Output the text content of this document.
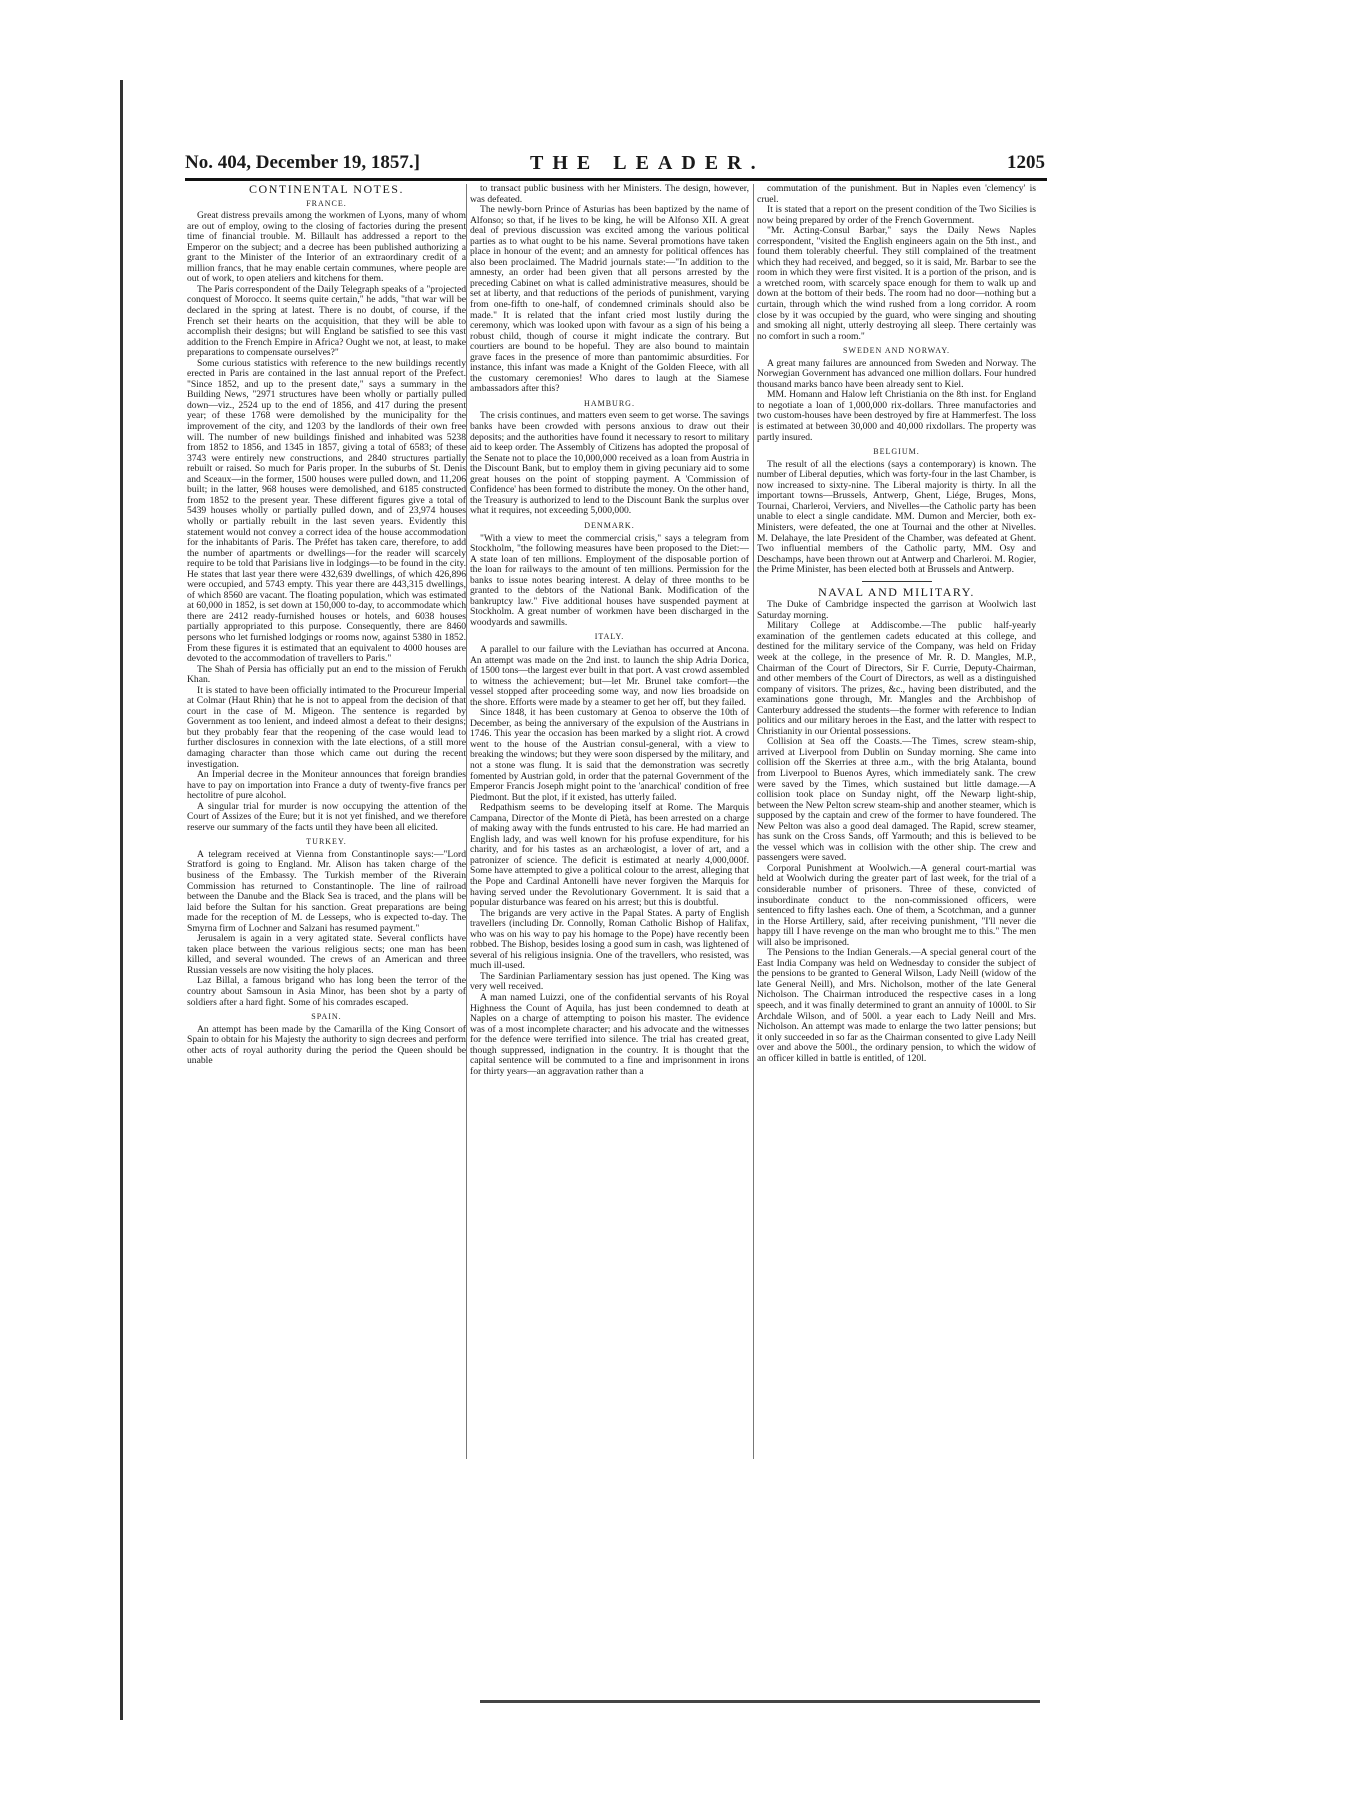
No. 404, December 19, 1857.]	THE LEADER.	1205
CONTINENTAL NOTES.
FRANCE.

Great distress prevails among the workmen of Lyons, many of whom are out of employ, owing to the closing of factories during the present time of financial trouble. M. Billault has addressed a report to the Emperor on the subject; and a decree has been published authorizing a grant to the Minister of the Interior of an extraordinary credit of a million francs, that he may enable certain communes, where people are out of work, to open ateliers and kitchens for them.

The Paris correspondent of the Daily Telegraph speaks of a "projected conquest of Morocco. It seems quite certain," he adds, "that war will be declared in the spring at latest. There is no doubt, of course, if the French set their hearts on the acquisition, that they will be able to accomplish their designs; but will England be satisfied to see this vast addition to the French Empire in Africa? Ought we not, at least, to make preparations to compensate ourselves?"

Some curious statistics with reference to the new buildings recently erected in Paris are contained in the last annual report of the Prefect. "Since 1852, and up to the present date," says a summary in the Building News, "2971 structures have been wholly or partially pulled down—viz., 2524 up to the end of 1856, and 417 during the present year; of these 1768 were demolished by the municipality for the improvement of the city, and 1203 by the landlords of their own free will. The number of new buildings finished and inhabited was 5238 from 1852 to 1856, and 1345 in 1857, giving a total of 6583; of these 3743 were entirely new constructions, and 2840 structures partially rebuilt or raised. So much for Paris proper. In the suburbs of St. Denis and Sceaux—in the former, 1500 houses were pulled down, and 11,206 built; in the latter, 968 houses were demolished, and 6185 constructed from 1852 to the present year. These different figures give a total of 5439 houses wholly or partially pulled down, and of 23,974 houses wholly or partially rebuilt in the last seven years. Evidently this statement would not convey a correct idea of the house accommodation for the inhabitants of Paris. The Préfet has taken care, therefore, to add the number of apartments or dwellings—for the reader will scarcely require to be told that Parisians live in lodgings—to be found in the city. He states that last year there were 432,639 dwellings, of which 426,896 were occupied, and 5743 empty. This year there are 443,315 dwellings, of which 8560 are vacant. The floating population, which was estimated at 60,000 in 1852, is set down at 150,000 to-day, to accommodate which there are 2412 ready-furnished houses or hotels, and 6038 houses partially appropriated to this purpose. Consequently, there are 8460 persons who let furnished lodgings or rooms now, against 5380 in 1852. From these figures it is estimated that an equivalent to 4000 houses are devoted to the accommodation of travellers to Paris."

The Shah of Persia has officially put an end to the mission of Ferukh Khan.

It is stated to have been officially intimated to the Procureur Imperial at Colmar (Haut Rhin) that he is not to appeal from the decision of that court in the case of M. Migeon. The sentence is regarded by Government as too lenient, and indeed almost a defeat to their designs; but they probably fear that the reopening of the case would lead to further disclosures in connexion with the late elections, of a still more damaging character than those which came out during the recent investigation.

An Imperial decree in the Moniteur announces that foreign brandies have to pay on importation into France a duty of twenty-five francs per hectolitre of pure alcohol.

A singular trial for murder is now occupying the attention of the Court of Assizes of the Eure; but it is not yet finished, and we therefore reserve our summary of the facts until they have been all elicited.

TURKEY.

A telegram received at Vienna from Constantinople says:—"Lord Stratford is going to England. Mr. Alison has taken charge of the business of the Embassy. The Turkish member of the Riverain Commission has returned to Constantinople. The line of railroad between the Danube and the Black Sea is traced, and the plans will be laid before the Sultan for his sanction. Great preparations are being made for the reception of M. de Lesseps, who is expected to-day. The Smyrna firm of Lochner and Salzani has resumed payment."

Jerusalem is again in a very agitated state. Several conflicts have taken place between the various religious sects; one man has been killed, and several wounded. The crews of an American and three Russian vessels are now visiting the holy places.

Laz Billal, a famous brigand who has long been the terror of the country about Samsoun in Asia Minor, has been shot by a party of soldiers after a hard fight. Some of his comrades escaped.

SPAIN.

An attempt has been made by the Camarilla of the King Consort of Spain to obtain for his Majesty the authority to sign decrees and perform other acts of royal authority during the period the Queen should be unable

to transact public business with her Ministers. The design, however, was defeated.

The newly-born Prince of Asturias has been baptized by the name of Alfonso; so that, if he lives to be king, he will be Alfonso XII. A great deal of previous discussion was excited among the various political parties as to what ought to be his name. Several promotions have taken place in honour of the event; and an amnesty for political offences has also been proclaimed. The Madrid journals state:—"In addition to the amnesty, an order had been given that all persons arrested by the preceding Cabinet on what is called administrative measures, should be set at liberty, and that reductions of the periods of punishment, varying from one-fifth to one-half, of condemned criminals should also be made." It is related that the infant cried most lustily during the ceremony, which was looked upon with favour as a sign of his being a robust child, though of course it might indicate the contrary. But courtiers are bound to be hopeful. They are also bound to maintain grave faces in the presence of more than pantomimic absurdities. For instance, this infant was made a Knight of the Golden Fleece, with all the customary ceremonies! Who dares to laugh at the Siamese ambassadors after this?

HAMBURG.

The crisis continues, and matters even seem to get worse. The savings banks have been crowded with persons anxious to draw out their deposits; and the authorities have found it necessary to resort to military aid to keep order. The Assembly of Citizens has adopted the proposal of the Senate not to place the 10,000,000 received as a loan from Austria in the Discount Bank, but to employ them in giving pecuniary aid to some great houses on the point of stopping payment. A 'Commission of Confidence' has been formed to distribute the money. On the other hand, the Treasury is authorized to lend to the Discount Bank the surplus over what it requires, not exceeding 5,000,000.

DENMARK.

"With a view to meet the commercial crisis," says a telegram from Stockholm, "the following measures have been proposed to the Diet:—A state loan of ten millions. Employment of the disposable portion of the loan for railways to the amount of ten millions. Permission for the banks to issue notes bearing interest. A delay of three months to be granted to the debtors of the National Bank. Modification of the bankruptcy law." Five additional houses have suspended payment at Stockholm. A great number of workmen have been discharged in the woodyards and sawmills.

ITALY.

A parallel to our failure with the Leviathan has occurred at Ancona. An attempt was made on the 2nd inst. to launch the ship Adria Dorica, of 1500 tons—the largest ever built in that port. A vast crowd assembled to witness the achievement; but—let Mr. Brunel take comfort—the vessel stopped after proceeding some way, and now lies broadside on the shore. Efforts were made by a steamer to get her off, but they failed.

Since 1848, it has been customary at Genoa to observe the 10th of December, as being the anniversary of the expulsion of the Austrians in 1746. This year the occasion has been marked by a slight riot. A crowd went to the house of the Austrian consul-general, with a view to breaking the windows; but they were soon dispersed by the military, and not a stone was flung. It is said that the demonstration was secretly fomented by Austrian gold, in order that the paternal Government of the Emperor Francis Joseph might point to the 'anarchical' condition of free Piedmont. But the plot, if it existed, has utterly failed.

Redpathism seems to be developing itself at Rome. The Marquis Campana, Director of the Monte di Pietà, has been arrested on a charge of making away with the funds entrusted to his care. He had married an English lady, and was well known for his profuse expenditure, for his charity, and for his tastes as an archæologist, a lover of art, and a patronizer of science. The deficit is estimated at nearly 4,000,000f. Some have attempted to give a political colour to the arrest, alleging that the Pope and Cardinal Antonelli have never forgiven the Marquis for having served under the Revolutionary Government. It is said that a popular disturbance was feared on his arrest; but this is doubtful.

The brigands are very active in the Papal States. A party of English travellers (including Dr. Connolly, Roman Catholic Bishop of Halifax, who was on his way to pay his homage to the Pope) have recently been robbed. The Bishop, besides losing a good sum in cash, was lightened of several of his religious insignia. One of the travellers, who resisted, was much ill-used.

The Sardinian Parliamentary session has just opened. The King was very well received.

A man named Luizzi, one of the confidential servants of his Royal Highness the Count of Aquila, has just been condemned to death at Naples on a charge of attempting to poison his master. The evidence was of a most incomplete character; and his advocate and the witnesses for the defence were terrified into silence. The trial has created great, though suppressed, indignation in the country. It is thought that the capital sentence will be commuted to a fine and imprisonment in irons for thirty years—an aggravation rather than a

commutation of the punishment. But in Naples even 'clemency' is cruel.

It is stated that a report on the present condition of the Two Sicilies is now being prepared by order of the French Government.

"Mr. Acting-Consul Barbar," says the Daily News Naples correspondent, "visited the English engineers again on the 5th inst., and found them tolerably cheerful. They still complained of the treatment which they had received, and begged, so it is said, Mr. Barbar to see the room in which they were first visited. It is a portion of the prison, and is a wretched room, with scarcely space enough for them to walk up and down at the bottom of their beds. The room had no door—nothing but a curtain, through which the wind rushed from a long corridor. A room close by it was occupied by the guard, who were singing and shouting and smoking all night, utterly destroying all sleep. There certainly was no comfort in such a room."

SWEDEN AND NORWAY.

A great many failures are announced from Sweden and Norway. The Norwegian Government has advanced one million dollars. Four hundred thousand marks banco have been already sent to Kiel.

MM. Homann and Halow left Christiania on the 8th inst. for England to negotiate a loan of 1,000,000 rix-dollars. Three manufactories and two custom-houses have been destroyed by fire at Hammerfest. The loss is estimated at between 30,000 and 40,000 rixdollars. The property was partly insured.

BELGIUM.

The result of all the elections (says a contemporary) is known. The number of Liberal deputies, which was forty-four in the last Chamber, is now increased to sixty-nine. The Liberal majority is thirty. In all the important towns—Brussels, Antwerp, Ghent, Liége, Bruges, Mons, Tournai, Charleroi, Verviers, and Nivelles—the Catholic party has been unable to elect a single candidate. MM. Dumon and Mercier, both ex-Ministers, were defeated, the one at Tournai and the other at Nivelles. M. Delahaye, the late President of the Chamber, was defeated at Ghent. Two influential members of the Catholic party, MM. Osy and Deschamps, have been thrown out at Antwerp and Charleroi. M. Rogier, the Prime Minister, has been elected both at Brussels and Antwerp.

NAVAL AND MILITARY.

The Duke of Cambridge inspected the garrison at Woolwich last Saturday morning.

Military College at Addiscombe.—The public half-yearly examination of the gentlemen cadets educated at this college, and destined for the military service of the Company, was held on Friday week at the college, in the presence of Mr. R. D. Mangles, M.P., Chairman of the Court of Directors, Sir F. Currie, Deputy-Chairman, and other members of the Court of Directors, as well as a distinguished company of visitors. The prizes, &c., having been distributed, and the examinations gone through, Mr. Mangles and the Archbishop of Canterbury addressed the students—the former with reference to Indian politics and our military heroes in the East, and the latter with respect to Christianity in our Oriental possessions.

Collision at Sea off the Coasts.—The Times, screw steam-ship, arrived at Liverpool from Dublin on Sunday morning. She came into collision off the Skerries at three a.m., with the brig Atalanta, bound from Liverpool to Buenos Ayres, which immediately sank. The crew were saved by the Times, which sustained but little damage.—A collision took place on Sunday night, off the Newarp light-ship, between the New Pelton screw steam-ship and another steamer, which is supposed by the captain and crew of the former to have foundered. The New Pelton was also a good deal damaged. The Rapid, screw steamer, has sunk on the Cross Sands, off Yarmouth; and this is believed to be the vessel which was in collision with the other ship. The crew and passengers were saved.

Corporal Punishment at Woolwich.—A general court-martial was held at Woolwich during the greater part of last week, for the trial of a considerable number of prisoners. Three of these, convicted of insubordinate conduct to the non-commissioned officers, were sentenced to fifty lashes each. One of them, a Scotchman, and a gunner in the Horse Artillery, said, after receiving punishment, "I'll never die happy till I have revenge on the man who brought me to this." The men will also be imprisoned.

The Pensions to the Indian Generals.—A special general court of the East India Company was held on Wednesday to consider the subject of the pensions to be granted to General Wilson, Lady Neill (widow of the late General Neill), and Mrs. Nicholson, mother of the late General Nicholson. The Chairman introduced the respective cases in a long speech, and it was finally determined to grant an annuity of 1000l. to Sir Archdale Wilson, and of 500l. a year each to Lady Neill and Mrs. Nicholson. An attempt was made to enlarge the two latter pensions; but it only succeeded in so far as the Chairman consented to give Lady Neill over and above the 500l., the ordinary pension, to which the widow of an officer killed in battle is entitled, of 120l.
